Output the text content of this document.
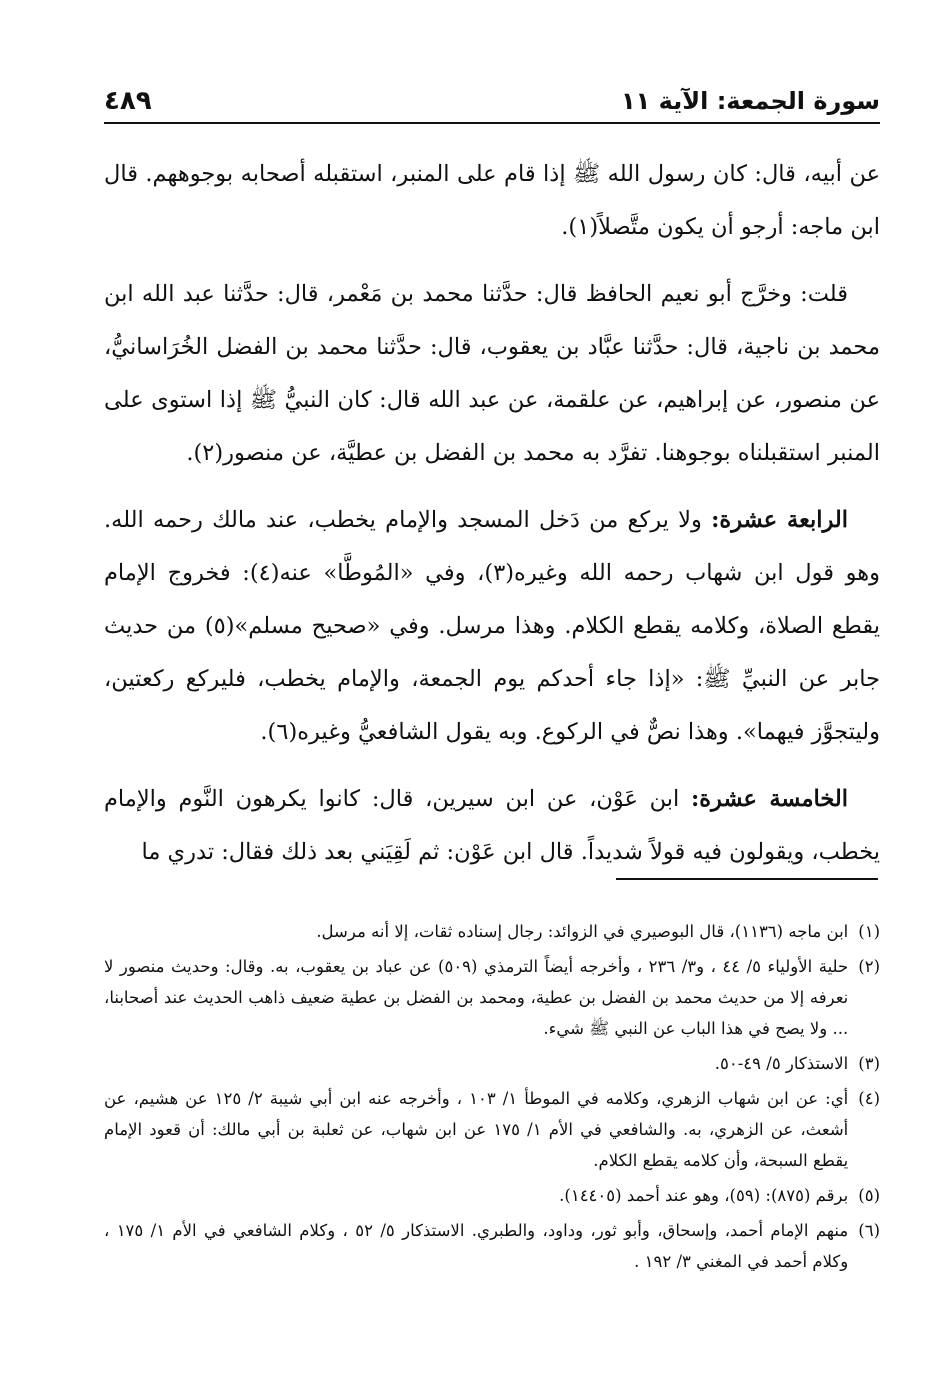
سورة الجمعة: الآية ١١
٤٨٩

عن أبيه، قال: كان رسول الله ﷺ إذا قام على المنبر، استقبله أصحابه بوجوههم. قال ابن ماجه: أرجو أن يكون متَّصلاً(١).

قلت: وخرَّج أبو نعيم الحافظ قال: حدَّثنا محمد بن مَعْمر، قال: حدَّثنا عبد الله ابن محمد بن ناجية، قال: حدَّثنا عبَّاد بن يعقوب، قال: حدَّثنا محمد بن الفضل الخُرَاسانيُّ، عن منصور، عن إبراهيم، عن علقمة، عن عبد الله قال: كان النبيُّ ﷺ إذا استوى على المنبر استقبلناه بوجوهنا. تفرَّد به محمد بن الفضل بن عطيَّة، عن منصور(٢).

الرابعة عشرة: ولا يركع من دَخل المسجد والإمام يخطب، عند مالك رحمه الله. وهو قول ابن شهاب رحمه الله وغيره(٣)، وفي «المُوطَّا» عنه(٤): فخروج الإمام يقطع الصلاة، وكلامه يقطع الكلام. وهذا مرسل. وفي «صحيح مسلم»(٥) من حديث جابر عن النبيِّ ﷺ: «إذا جاء أحدكم يوم الجمعة، والإمام يخطب، فليركع ركعتين، وليتجوَّز فيهما». وهذا نصٌّ في الركوع. وبه يقول الشافعيُّ وغيره(٦).

الخامسة عشرة: ابن عَوْن، عن ابن سيرين، قال: كانوا يكرهون النَّوم والإمام يخطب، ويقولون فيه قولاً شديداً. قال ابن عَوْن: ثم لَقِيَني بعد ذلك فقال: تدري ما

(١)
ابن ماجه (١١٣٦)، قال البوصيري في الزوائد: رجال إسناده ثقات، إلا أنه مرسل.
(٢)
حلية الأولياء ٥/ ٤٤ ، و٣/ ٢٣٦ ، وأخرجه أيضاً الترمذي (٥٠٩) عن عباد بن يعقوب، به. وقال: وحديث منصور لا نعرفه إلا من حديث محمد بن الفضل بن عطية، ومحمد بن الفضل بن عطية ضعيف ذاهب الحديث عند أصحابنا، ... ولا يصح في هذا الباب عن النبي ﷺ شيء.
(٣)
الاستذكار ٥/ ٤٩-٥٠.
(٤)
أي: عن ابن شهاب الزهري، وكلامه في الموطأ ١/ ١٠٣ ، وأخرجه عنه ابن أبي شيبة ٢/ ١٢٥ عن هشيم، عن أشعث، عن الزهري، به. والشافعي في الأم ١/ ١٧٥ عن ابن شهاب، عن ثعلبة بن أبي مالك: أن قعود الإمام يقطع السبحة، وأن كلامه يقطع الكلام.
(٥)
برقم (٨٧٥): (٥٩)، وهو عند أحمد (١٤٤٠٥).
(٦)
منهم الإمام أحمد، وإسحاق، وأبو ثور، وداود، والطبري. الاستذكار ٥/ ٥٢ ، وكلام الشافعي في الأم ١/ ١٧٥ ، وكلام أحمد في المغني ٣/ ١٩٢ .
